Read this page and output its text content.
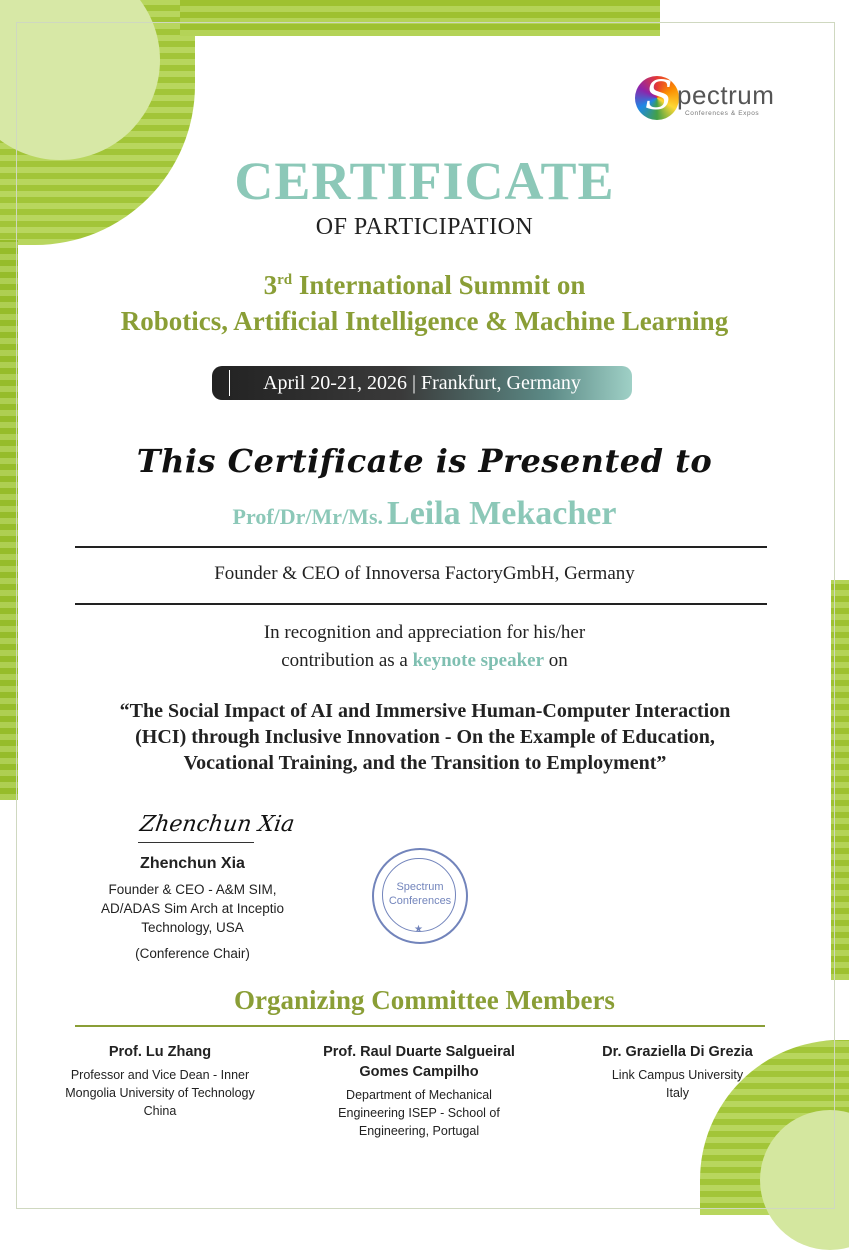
S pectrum
Conferences & Expos
CERTIFICATE
OF PARTICIPATION
3rd International Summit on
Robotics, Artificial Intelligence & Machine Learning
April 20-21, 2026 | Frankfurt, Germany
This Certificate is Presented to
Prof/Dr/Mr/Ms. Leila Mekacher
Founder & CEO of Innoversa FactoryGmbH, Germany
In recognition and appreciation for his/her
contribution as a keynote speaker on
“The Social Impact of AI and Immersive Human-Computer Interaction
(HCI) through Inclusive Innovation - On the Example of Education,
Vocational Training, and the Transition to Employment”
Zhenchun Xia
Zhenchun Xia
Founder & CEO - A&M SIM,
AD/ADAS Sim Arch at Inceptio
Technology, USA
(Conference Chair)
Spectrum
Conferences
★
Organizing Committee Members
Prof. Lu Zhang
Professor and Vice Dean - Inner
Mongolia University of Technology
China
Prof. Raul Duarte Salgueiral
Gomes Campilho
Department of Mechanical
Engineering ISEP - School of
Engineering, Portugal
Dr. Graziella Di Grezia
Link Campus University
Italy
